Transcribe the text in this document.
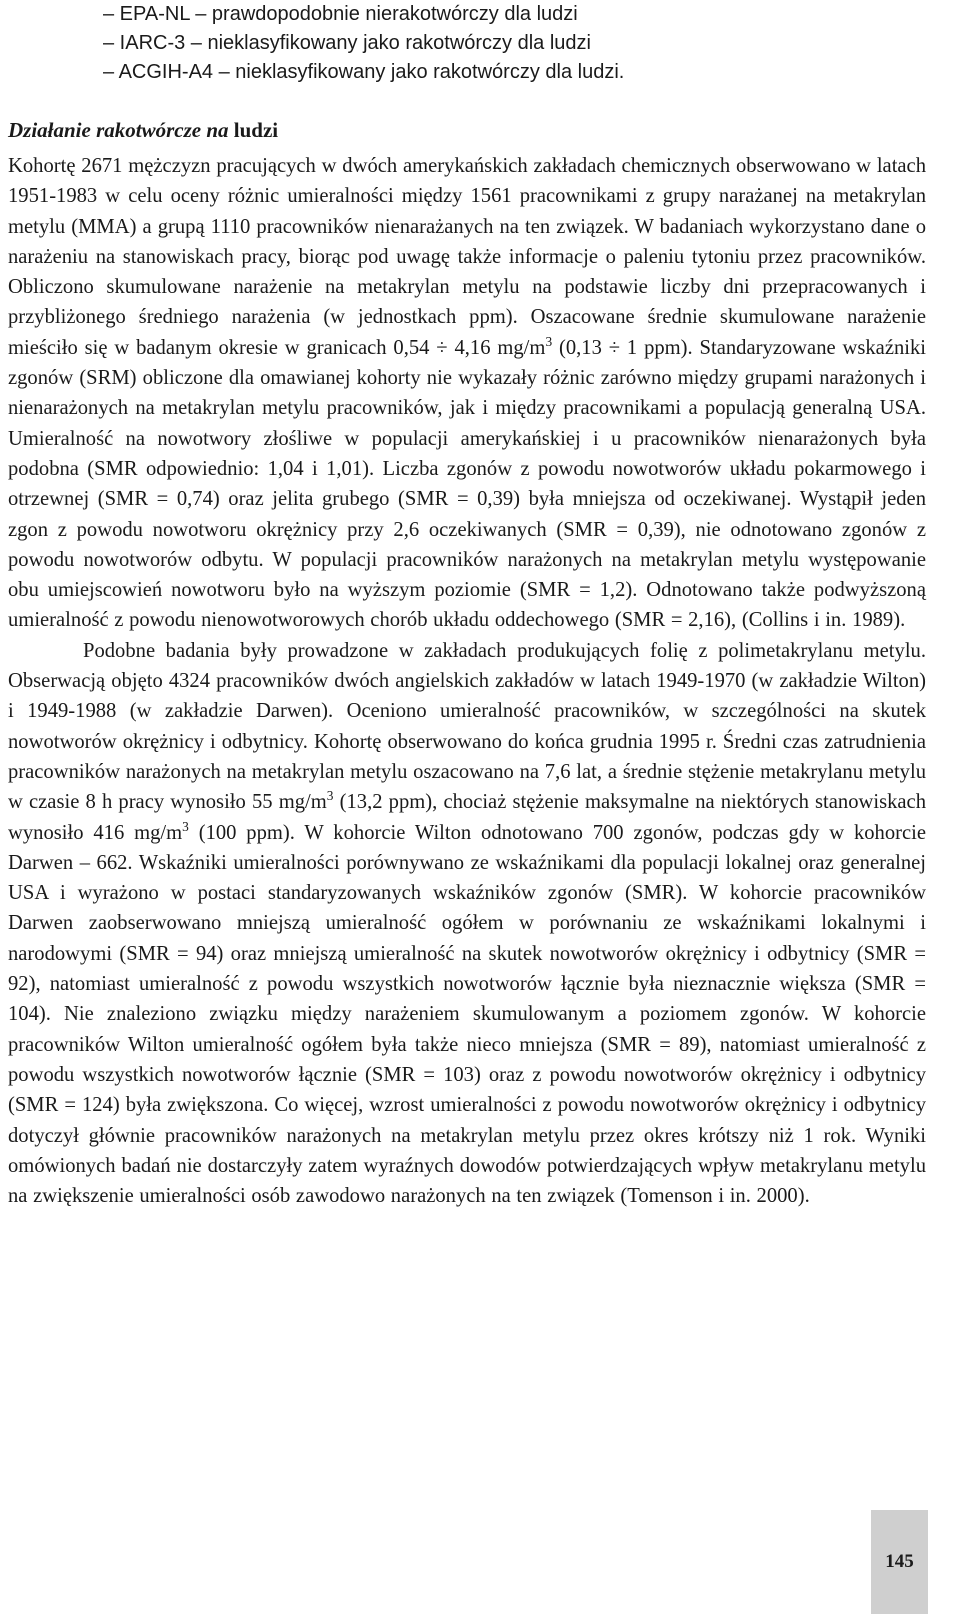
– EPA-NL – prawdopodobnie nierakotwórczy dla ludzi
– IARC-3 – nieklasyfikowany jako rakotwórczy dla ludzi
– ACGIH-A4 – nieklasyfikowany jako rakotwórczy dla ludzi.
Działanie rakotwórcze na ludzi

Kohortę 2671 mężczyzn pracujących w dwóch amerykańskich zakładach chemicznych obserwowano w latach 1951-1983 w celu oceny różnic umieralności między 1561 pracownikami z grupy narażanej na metakrylan metylu (MMA) a grupą 1110 pracowników nienarażanych na ten związek. W badaniach wykorzystano dane o narażeniu na stanowiskach pracy, biorąc pod uwagę także informacje o paleniu tytoniu przez pracowników. Obliczono skumulowane narażenie na metakrylan metylu na podstawie liczby dni przepracowanych i przybliżonego średniego narażenia (w jednostkach ppm). Oszacowane średnie skumulowane narażenie mieściło się w badanym okresie w granicach 0,54 ÷ 4,16 $mg/m^3$ (0,13 ÷ 1 ppm). Standaryzowane wskaźniki zgonów (SRM) obliczone dla omawianej kohorty nie wykazały różnic zarówno między grupami narażonych i nienarażonych na metakrylan metylu pracowników, jak i między pracownikami a populacją generalną USA. Umieralność na nowotwory złośliwe w populacji amerykańskiej i u pracowników nienarażonych była podobna (SMR odpowiednio: 1,04 i 1,01). Liczba zgonów z powodu nowotworów układu pokarmowego i otrzewnej (SMR = 0,74) oraz jelita grubego (SMR = 0,39) była mniejsza od oczekiwanej. Wystąpił jeden zgon z powodu nowotworu okrężnicy przy 2,6 oczekiwanych (SMR = 0,39), nie odnotowano zgonów z powodu nowotworów odbytu. W populacji pracowników narażonych na metakrylan metylu występowanie obu umiejscowień nowotworu było na wyższym poziomie (SMR = 1,2). Odnotowano także podwyższoną umieralność z powodu nienowotworowych chorób układu oddechowego (SMR = 2,16), (Collins i in. 1989).

Podobne badania były prowadzone w zakładach produkujących folię z polimetakrylanu metylu. Obserwacją objęto 4324 pracowników dwóch angielskich zakładów w latach 1949-1970 (w zakładzie Wilton) i 1949-1988 (w zakładzie Darwen). Oceniono umieralność pracowników, w szczególności na skutek nowotworów okrężnicy i odbytnicy. Kohortę obserwowano do końca grudnia 1995 r. Średni czas zatrudnienia pracowników narażonych na metakrylan metylu oszacowano na 7,6 lat, a średnie stężenie metakrylanu metylu w czasie 8 h pracy wynosiło 55 $mg/m^3$ (13,2 ppm), chociaż stężenie maksymalne na niektórych stanowiskach wynosiło 416 $mg/m^3$ (100 ppm). W kohorcie Wilton odnotowano 700 zgonów, podczas gdy w kohorcie Darwen – 662. Wskaźniki umieralności porównywano ze wskaźnikami dla populacji lokalnej oraz generalnej USA i wyrażono w postaci standaryzowanych wskaźników zgonów (SMR). W kohorcie pracowników Darwen zaobserwowano mniejszą umieralność ogółem w porównaniu ze wskaźnikami lokalnymi i narodowymi (SMR = 94) oraz mniejszą umieralność na skutek nowotworów okrężnicy i odbytnicy (SMR = 92), natomiast umieralność z powodu wszystkich nowotworów łącznie była nieznacznie większa (SMR = 104). Nie znaleziono związku między narażeniem skumulowanym a poziomem zgonów. W kohorcie pracowników Wilton umieralność ogółem była także nieco mniejsza (SMR = 89), natomiast umieralność z powodu wszystkich nowotworów łącznie (SMR = 103) oraz z powodu nowotworów okrężnicy i odbytnicy (SMR = 124) była zwiększona. Co więcej, wzrost umieralności z powodu nowotworów okrężnicy i odbytnicy dotyczył głównie pracowników narażonych na metakrylan metylu przez okres krótszy niż 1 rok. Wyniki omówionych badań nie dostarczyły zatem wyraźnych dowodów potwierdzających wpływ metakrylanu metylu na zwiększenie umieralności osób zawodowo narażonych na ten związek (Tomenson i in. 2000).

145
